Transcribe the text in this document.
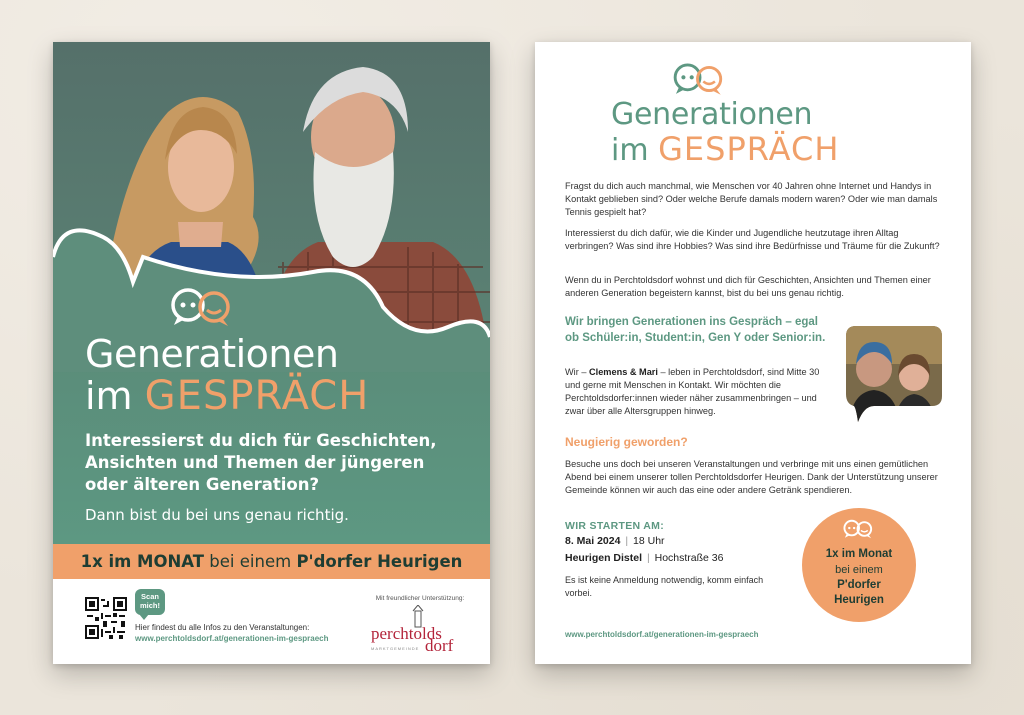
Generationen
im GESPRÄCH
Interessierst du dich für Geschichten, Ansichten und Themen der jüngeren oder älteren Generation?
Dann bist du bei uns genau richtig.
1x im MONAT bei einem P'dorfer Heurigen
Scan mich!
Hier findest du alle Infos zu den Veranstaltungen:
www.perchtoldsdorf.at/generationen-im-gespraech
Mit freundlicher Unterstützung:
perchtolds
dorf
MARKTGEMEINDE
Generationen
im GESPRÄCH
Fragst du dich auch manchmal, wie Menschen vor 40 Jahren ohne Internet und Handys in Kontakt geblieben sind? Oder welche Berufe damals modern waren? Oder wie man damals Tennis gespielt hat?
Interessierst du dich dafür, wie die Kinder und Jugendliche heutzutage ihren Alltag verbringen? Was sind ihre Hobbies? Was sind ihre Bedürfnisse und Träume für die Zukunft?
Wenn du in Perchtoldsdorf wohnst und dich für Geschichten, Ansichten und Themen einer anderen Generation begeistern kannst, bist du bei uns genau richtig.
Wir bringen Generationen ins Gespräch – egal ob Schüler:in, Student:in, Gen Y oder Senior:in.
Wir – Clemens & Mari – leben in Perchtoldsdorf, sind Mitte 30 und gerne mit Menschen in Kontakt. Wir möchten die Perchtoldsdorfer:innen wieder näher zusammenbringen – und zwar über alle Altersgruppen hinweg.
Neugierig geworden?
Besuche uns doch bei unseren Veranstaltungen und verbringe mit uns einen gemütlichen Abend bei einem unserer tollen Perchtoldsdorfer Heurigen. Dank der Unterstützung unserer Gemeinde können wir auch das eine oder andere Getränk spendieren.
WIR STARTEN AM:
8. Mai 2024 | 18 Uhr
Heurigen Distel | Hochstraße 36
Es ist keine Anmeldung notwendig, komm einfach vorbei.
www.perchtoldsdorf.at/generationen-im-gespraech
1x im Monat
bei einem
P'dorfer
Heurigen
